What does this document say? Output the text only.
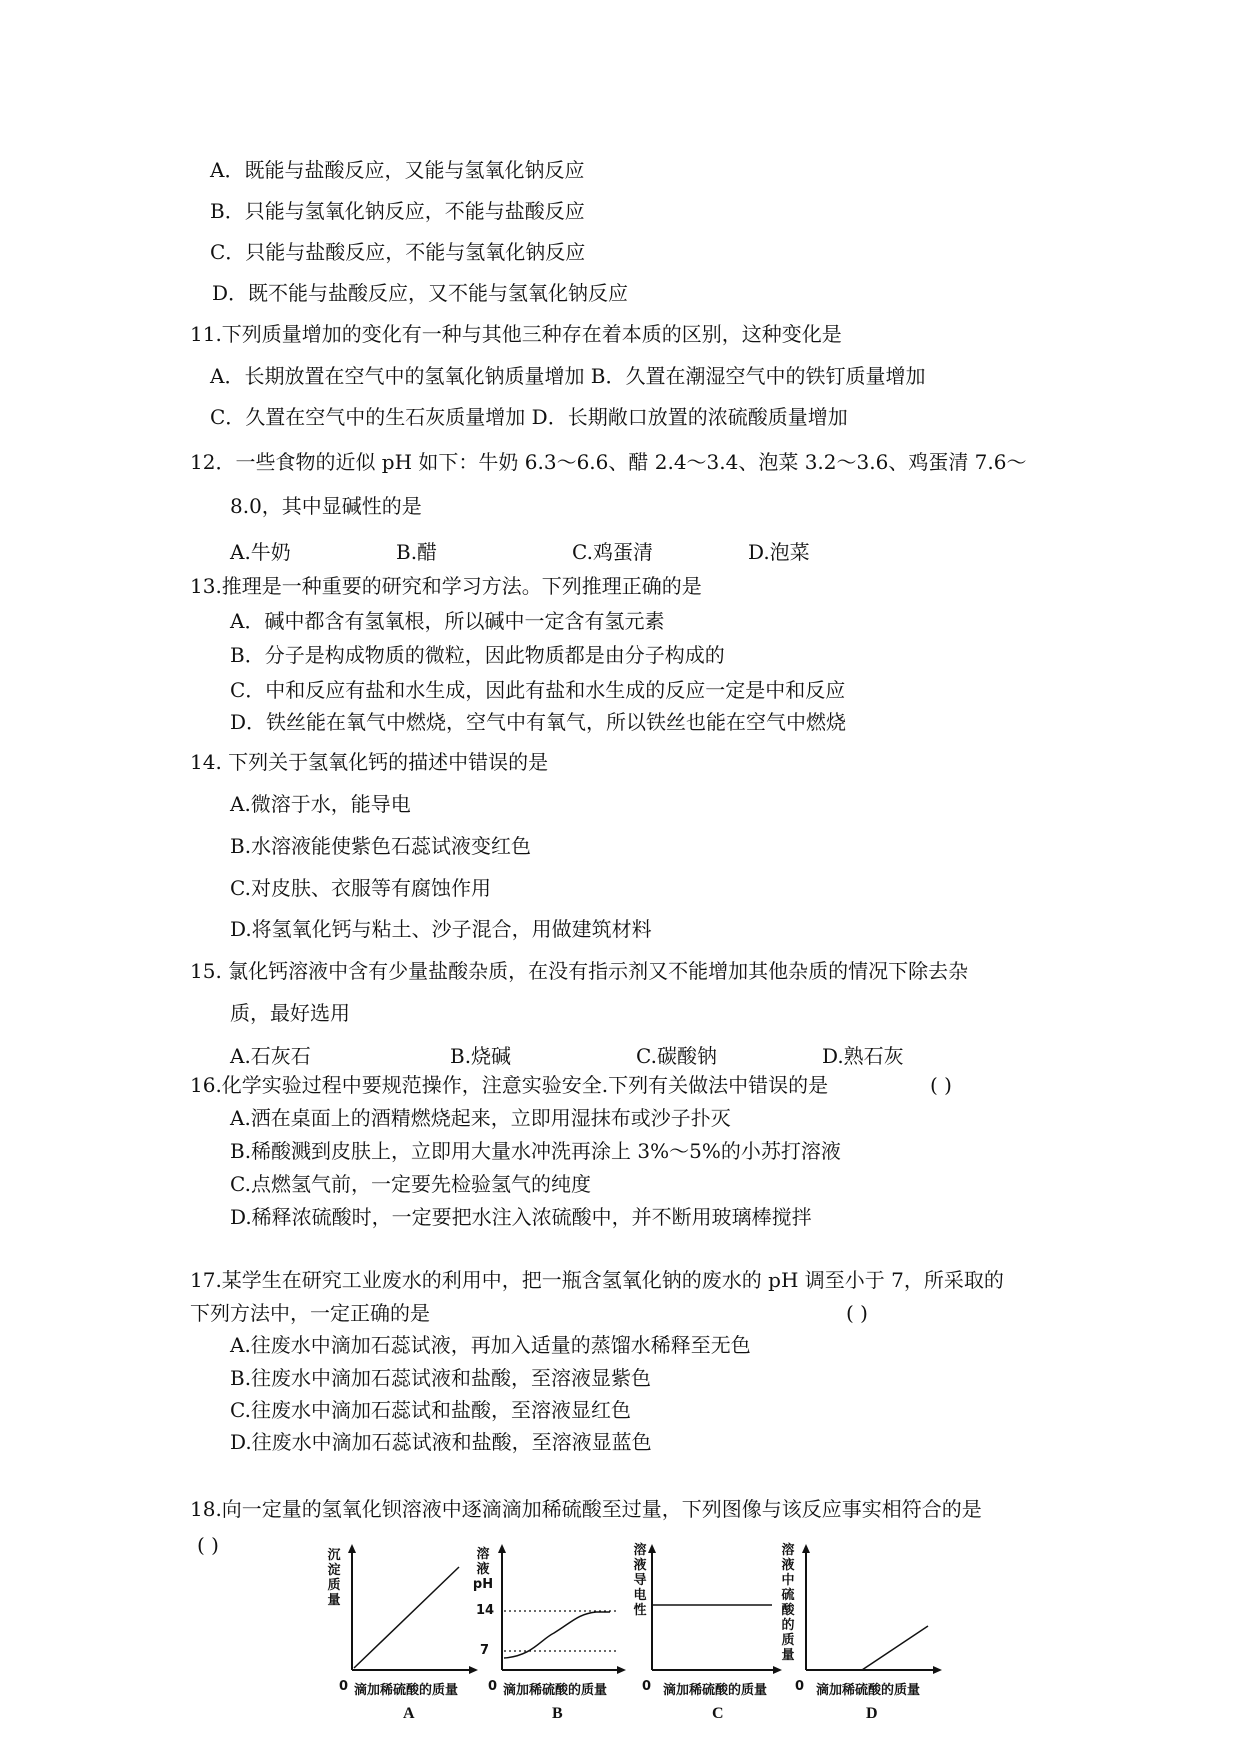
A．既能与盐酸反应，又能与氢氧化钠反应
B．只能与氢氧化钠反应，不能与盐酸反应
C．只能与盐酸反应，不能与氢氧化钠反应
D．既不能与盐酸反应，又不能与氢氧化钠反应
11.下列质量增加的变化有一种与其他三种存在着本质的区别，这种变化是
A．长期放置在空气中的氢氧化钠质量增加 B．久置在潮湿空气中的铁钉质量增加
C．久置在空气中的生石灰质量增加 D．长期敞口放置的浓硫酸质量增加
12．一些食物的近似 pH 如下：牛奶 6.3～6.6、醋 2.4～3.4、泡菜 3.2～3.6、鸡蛋清 7.6～
8.0，其中显碱性的是
A.牛奶	B.醋	C.鸡蛋清	D.泡菜
13.推理是一种重要的研究和学习方法。下列推理正确的是
A．碱中都含有氢氧根，所以碱中一定含有氢元素
B．分子是构成物质的微粒，因此物质都是由分子构成的
C．中和反应有盐和水生成，因此有盐和水生成的反应一定是中和反应
D．铁丝能在氧气中燃烧，空气中有氧气，所以铁丝也能在空气中燃烧
14. 下列关于氢氧化钙的描述中错误的是
A.微溶于水，能导电
B.水溶液能使紫色石蕊试液变红色
C.对皮肤、衣服等有腐蚀作用
D.将氢氧化钙与粘土、沙子混合，用做建筑材料
15. 氯化钙溶液中含有少量盐酸杂质，在没有指示剂又不能增加其他杂质的情况下除去杂
质，最好选用
A.石灰石	B.烧碱	C.碳酸钠	D.熟石灰
16.化学实验过程中要规范操作，注意实验安全.下列有关做法中错误的是	( )
A.洒在桌面上的酒精燃烧起来，立即用湿抹布或沙子扑灭
B.稀酸溅到皮肤上，立即用大量水冲洗再涂上 3%～5%的小苏打溶液
C.点燃氢气前，一定要先检验氢气的纯度
D.稀释浓硫酸时，一定要把水注入浓硫酸中，并不断用玻璃棒搅拌
17.某学生在研究工业废水的利用中，把一瓶含氢氧化钠的废水的 pH 调至小于 7，所采取的
下列方法中，一定正确的是	( )
A.往废水中滴加石蕊试液，再加入适量的蒸馏水稀释至无色
B.往废水中滴加石蕊试液和盐酸，至溶液显紫色
C.往废水中滴加石蕊试和盐酸，至溶液显红色
D.往废水中滴加石蕊试液和盐酸，至溶液显蓝色
18.向一定量的氢氧化钡溶液中逐滴滴加稀硫酸至过量，下列图像与该反应事实相符合的是
( )	沉淀质量
0 滴加稀硫酸的质量
A
溶液pH
14
7
0 滴加稀硫酸的质量
B
溶液导电性
0 滴加稀硫酸的质量
C
溶液中硫酸的质量
0 滴加稀硫酸的质量
D
